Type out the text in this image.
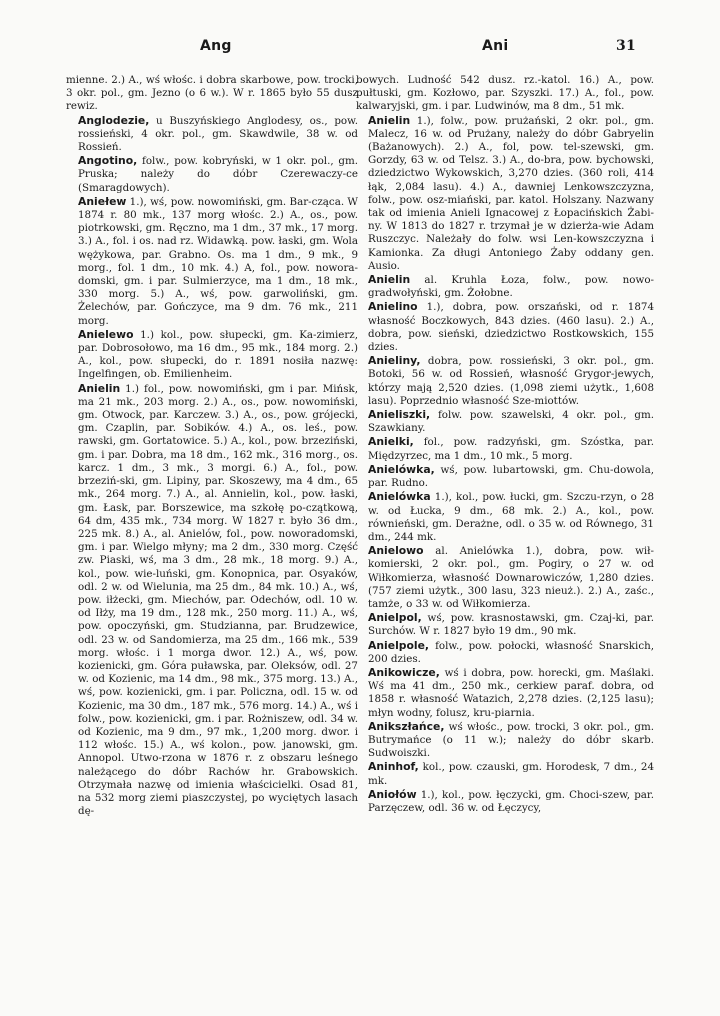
Ang	Ani	31

mienne. 2.) A., wś włośc. i dobra skarbowe, pow. trocki, 3 okr. pol., gm. Jezno (o 6 w.). W r. 1865 było 55 dusz rewiz.

Anglodezie, u Buszyńskiego Anglodesy, os., pow. rossieński, 4 okr. pol., gm. Skawdwile, 38 w. od Rossień.

Angotino, folw., pow. kobryński, w 1 okr. pol., gm. Pruska; należy do dóbr Czerewaczy-ce (Smaragdowych).

Aniełew 1.), wś, pow. nowomiński, gm. Bar-cząca. W 1874 r. 80 mk., 137 morg włośc. 2.) A., os., pow. piotrkowski, gm. Ręczno, ma 1 dm., 37 mk., 17 morg. 3.) A., fol. i os. nad rz. Widawką. pow. łaski, gm. Wola wężykowa, par. Grabno. Os. ma 1 dm., 9 mk., 9 morg., fol. 1 dm., 10 mk. 4.) A, fol., pow. nowora-domski, gm. i par. Sulmierzyce, ma 1 dm., 18 mk., 330 morg. 5.) A., wś, pow. garwoliński, gm. Żelechów, par. Gończyce, ma 9 dm. 76 mk., 211 morg.

Anielewo 1.) kol., pow. słupecki, gm. Ka-zimierz, par. Dobrosołowo, ma 16 dm., 95 mk., 184 morg. 2.) A., kol., pow. słupecki, do r. 1891 nosiła nazwę: Ingelfingen, ob. Emilienheim.

Anielin 1.) fol., pow. nowomiński, gm i par. Mińsk, ma 21 mk., 203 morg. 2.) A., os., pow. nowomiński, gm. Otwock, par. Karczew. 3.) A., os., pow. grójecki, gm. Czaplin, par. Sobików. 4.) A., os. leś., pow. rawski, gm. Gortatowice. 5.) A., kol., pow. brzeziński, gm. i par. Dobra, ma 18 dm., 162 mk., 316 morg., os. karcz. 1 dm., 3 mk., 3 morgi. 6.) A., fol., pow. brzeziń-ski, gm. Lipiny, par. Skoszewy, ma 4 dm., 65 mk., 264 morg. 7.) A., al. Annielin, kol., pow. łaski, gm. Łask, par. Borszewice, ma szkołę po-czątkową, 64 dm, 435 mk., 734 morg. W 1827 r. było 36 dm., 225 mk. 8.) A., al. Anielów, fol., pow. noworadomski, gm. i par. Wielgo młyny; ma 2 dm., 330 morg. Część zw. Piaski, wś, ma 3 dm., 28 mk., 18 morg. 9.) A., kol., pow. wie-luński, gm. Konopnica, par. Osyaków, odl. 2 w. od Wielunia, ma 25 dm., 84 mk. 10.) A., wś, pow. iłżecki, gm. Miechów, par. Odechów, odl. 10 w. od Iłży, ma 19 dm., 128 mk., 250 morg. 11.) A., wś, pow. opoczyński, gm. Studzianna, par. Brudzewice, odl. 23 w. od Sandomierza, ma 25 dm., 166 mk., 539 morg. włośc. i 1 morga dwor. 12.) A., wś, pow. kozienicki, gm. Góra puławska, par. Oleksów, odl. 27 w. od Kozienic, ma 14 dm., 98 mk., 375 morg. 13.) A., wś, pow. kozienicki, gm. i par. Policzna, odl. 15 w. od Kozienic, ma 30 dm., 187 mk., 576 morg. 14.) A., wś i folw., pow. kozienicki, gm. i par. Rożniszew, odl. 34 w. od Kozienic, ma 9 dm., 97 mk., 1,200 morg. dwor. i 112 włośc. 15.) A., wś kolon., pow. janowski, gm. Annopol. Utwo-rzona w 1876 r. z obszaru leśnego należącego do dóbr Rachów hr. Grabowskich. Otrzymała nazwę od imienia właścicielki. Osad 81, na 532 morg ziemi piaszczystej, po wyciętych lasach dę-

bowych. Ludność 542 dusz. rz.-katol. 16.) A., pow. pułtuski, gm. Kozłowo, par. Szyszki. 17.) A., fol., pow. kalwaryjski, gm. i par. Ludwinów, ma 8 dm., 51 mk.

Anielin 1.), folw., pow. prużański, 2 okr. pol., gm. Malecz, 16 w. od Prużany, należy do dóbr Gabryelin (Bażanowych). 2.) A., fol, pow. tel-szewski, gm. Gorzdy, 63 w. od Telsz. 3.) A., do-bra, pow. bychowski, dziedzictwo Wykowskich, 3,270 dzies. (360 roli, 414 łąk, 2,084 lasu). 4.) A., dawniej Lenkowszczyzna, folw., pow. osz-miański, par. katol. Holszany. Nazwany tak od imienia Anieli Ignacowej z Łopacińskich Żabi-ny. W 1813 do 1827 r. trzymał je w dzierża-wie Adam Ruszczyc. Należały do folw. wsi Len-kowszczyzna i Kamionka. Za długi Antoniego Żaby oddany gen. Ausio.

Anielin al. Kruhla Łoza, folw., pow. nowo-gradwołyński, gm. Żołobne.

Anielino 1.), dobra, pow. orszański, od r. 1874 własność Boczkowych, 843 dzies. (460 lasu). 2.) A., dobra, pow. sieński, dziedzictwo Rostkowskich, 155 dzies.

Anieliny, dobra, pow. rossieński, 3 okr. pol., gm. Botoki, 56 w. od Rossień, własność Grygor-jewych, którzy mają 2,520 dzies. (1,098 ziemi użytk., 1,608 lasu). Poprzednio własność Sze-miottów.

Anieliszki, folw. pow. szawelski, 4 okr. pol., gm. Szawkiany.

Anielki, fol., pow. radzyński, gm. Szóstka, par. Międzyrzec, ma 1 dm., 10 mk., 5 morg.

Anielówka, wś, pow. lubartowski, gm. Chu-dowola, par. Rudno.

Anielówka 1.), kol., pow. łucki, gm. Szczu-rzyn, o 28 w. od Łucka, 9 dm., 68 mk. 2.) A., kol., pow. równieński, gm. Derażne, odl. o 35 w. od Równego, 31 dm., 244 mk.

Anielowo al. Anielówka 1.), dobra, pow. wił-komierski, 2 okr. pol., gm. Pogiry, o 27 w. od Wiłkomierza, własność Downarowiczów, 1,280 dzies. (757 ziemi użytk., 300 lasu, 323 nieuż.). 2.) A., zaśc., tamże, o 33 w. od Wiłkomierza.

Anielpol, wś, pow. krasnostawski, gm. Czaj-ki, par. Surchów. W r. 1827 było 19 dm., 90 mk.

Anielpole, folw., pow. połocki, własność Snarskich, 200 dzies.

Anikowicze, wś i dobra, pow. horecki, gm. Maślaki. Wś ma 41 dm., 250 mk., cerkiew paraf. dobra, od 1858 r. własność Watazich, 2,278 dzies. (2,125 lasu); młyn wodny, folusz, kru-piarnia.

Anikszłańce, wś włośc., pow. trocki, 3 okr. pol., gm. Butrymańce (o 11 w.); należy do dóbr skarb. Sudwoiszki.

Aninhof, kol., pow. czauski, gm. Horodesk, 7 dm., 24 mk.

Aniołów 1.), kol., pow. łęczycki, gm. Choci-szew, par. Parzęczew, odl. 36 w. od Łęczycy,
